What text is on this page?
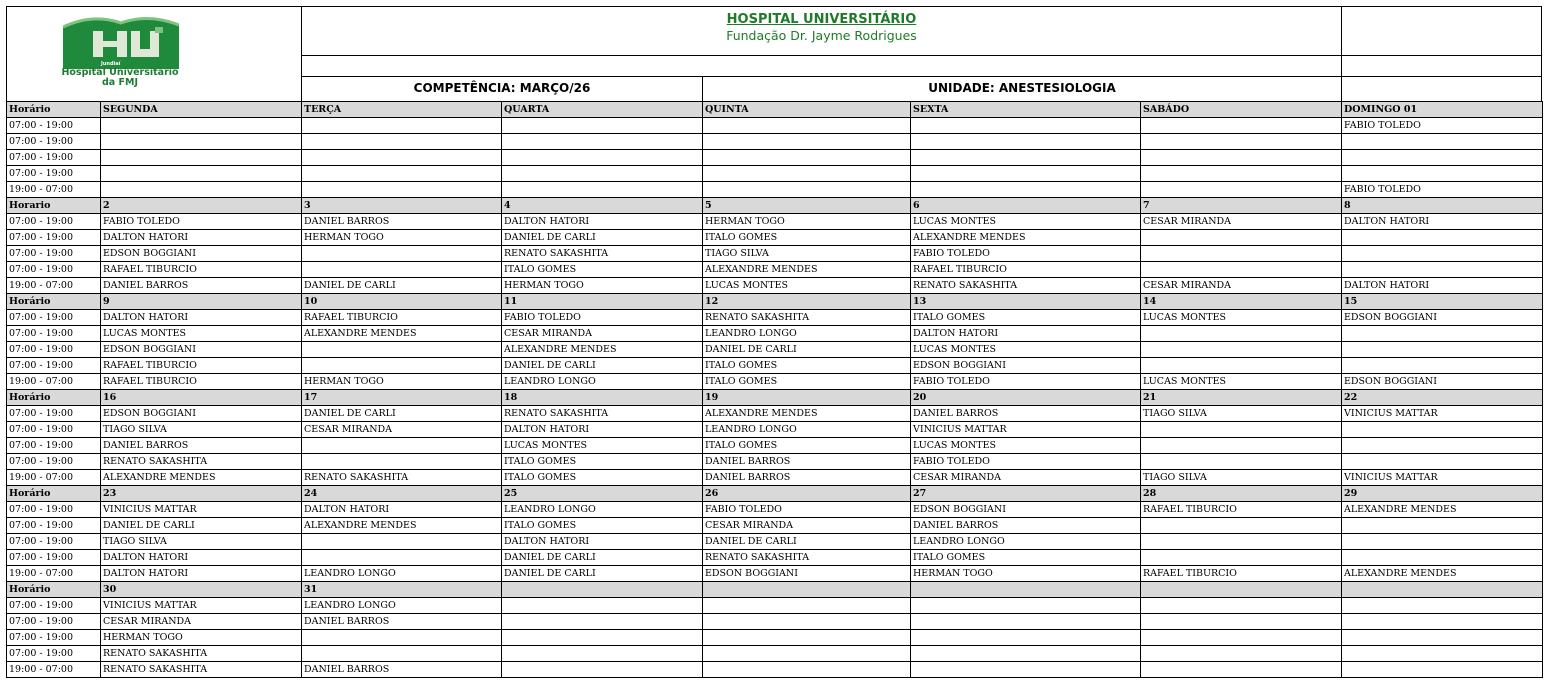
Jundiaí
Hospital Universitário
da FMJ
HOSPITAL UNIVERSITÁRIO
Fundação Dr. Jayme Rodrigues
COMPETÊNCIA: MARÇO/26	UNIDADE: ANESTESIOLOGIA
Horário	SEGUNDA	TERÇA	QUARTA	QUINTA	SEXTA	SABÁDO	DOMINGO 01
07:00 - 19:00							FABIO TOLEDO
07:00 - 19:00							
07:00 - 19:00							
07:00 - 19:00							
19:00 - 07:00							FABIO TOLEDO
Horario	2	3	4	5	6	7	8
07:00 - 19:00	FABIO TOLEDO	DANIEL BARROS	DALTON HATORI	HERMAN TOGO	LUCAS MONTES	CESAR MIRANDA	DALTON HATORI
07:00 - 19:00	DALTON HATORI	HERMAN TOGO	DANIEL DE CARLI	ITALO GOMES	ALEXANDRE MENDES		
07:00 - 19:00	EDSON BOGGIANI		RENATO SAKASHITA	TIAGO SILVA	FABIO TOLEDO		
07:00 - 19:00	RAFAEL TIBURCIO		ITALO GOMES	ALEXANDRE MENDES	RAFAEL TIBURCIO		
19:00 - 07:00	DANIEL BARROS	DANIEL DE CARLI	HERMAN TOGO	LUCAS MONTES	RENATO SAKASHITA	CESAR MIRANDA	DALTON HATORI
Horário	9	10	11	12	13	14	15
07:00 - 19:00	DALTON HATORI	RAFAEL TIBURCIO	FABIO TOLEDO	RENATO SAKASHITA	ITALO GOMES	LUCAS MONTES	EDSON BOGGIANI
07:00 - 19:00	LUCAS MONTES	ALEXANDRE MENDES	CESAR MIRANDA	LEANDRO LONGO	DALTON HATORI		
07:00 - 19:00	EDSON BOGGIANI		ALEXANDRE MENDES	DANIEL DE CARLI	LUCAS MONTES		
07:00 - 19:00	RAFAEL TIBURCIO		DANIEL DE CARLI	ITALO GOMES	EDSON BOGGIANI		
19:00 - 07:00	RAFAEL TIBURCIO	HERMAN TOGO	LEANDRO LONGO	ITALO GOMES	FABIO TOLEDO	LUCAS MONTES	EDSON BOGGIANI
Horário	16	17	18	19	20	21	22
07:00 - 19:00	EDSON BOGGIANI	DANIEL DE CARLI	RENATO SAKASHITA	ALEXANDRE MENDES	DANIEL BARROS	TIAGO SILVA	VINICIUS MATTAR
07:00 - 19:00	TIAGO SILVA	CESAR MIRANDA	DALTON HATORI	LEANDRO LONGO	VINICIUS MATTAR		
07:00 - 19:00	DANIEL BARROS		LUCAS MONTES	ITALO GOMES	LUCAS MONTES		
07:00 - 19:00	RENATO SAKASHITA		ITALO GOMES	DANIEL BARROS	FABIO TOLEDO		
19:00 - 07:00	ALEXANDRE MENDES	RENATO SAKASHITA	ITALO GOMES	DANIEL BARROS	CESAR MIRANDA	TIAGO SILVA	VINICIUS MATTAR
Horário	23	24	25	26	27	28	29
07:00 - 19:00	VINICIUS MATTAR	DALTON HATORI	LEANDRO LONGO	FABIO TOLEDO	EDSON BOGGIANI	RAFAEL TIBURCIO	ALEXANDRE MENDES
07:00 - 19:00	DANIEL DE CARLI	ALEXANDRE MENDES	ITALO GOMES	CESAR MIRANDA	DANIEL BARROS		
07:00 - 19:00	TIAGO SILVA		DALTON HATORI	DANIEL DE CARLI	LEANDRO LONGO		
07:00 - 19:00	DALTON HATORI		DANIEL DE CARLI	RENATO SAKASHITA	ITALO GOMES		
19:00 - 07:00	DALTON HATORI	LEANDRO LONGO	DANIEL DE CARLI	EDSON BOGGIANI	HERMAN TOGO	RAFAEL TIBURCIO	ALEXANDRE MENDES
Horário	30	31					
07:00 - 19:00	VINICIUS MATTAR	LEANDRO LONGO					
07:00 - 19:00	CESAR MIRANDA	DANIEL BARROS					
07:00 - 19:00	HERMAN TOGO						
07:00 - 19:00	RENATO SAKASHITA						
19:00 - 07:00	RENATO SAKASHITA	DANIEL BARROS					
